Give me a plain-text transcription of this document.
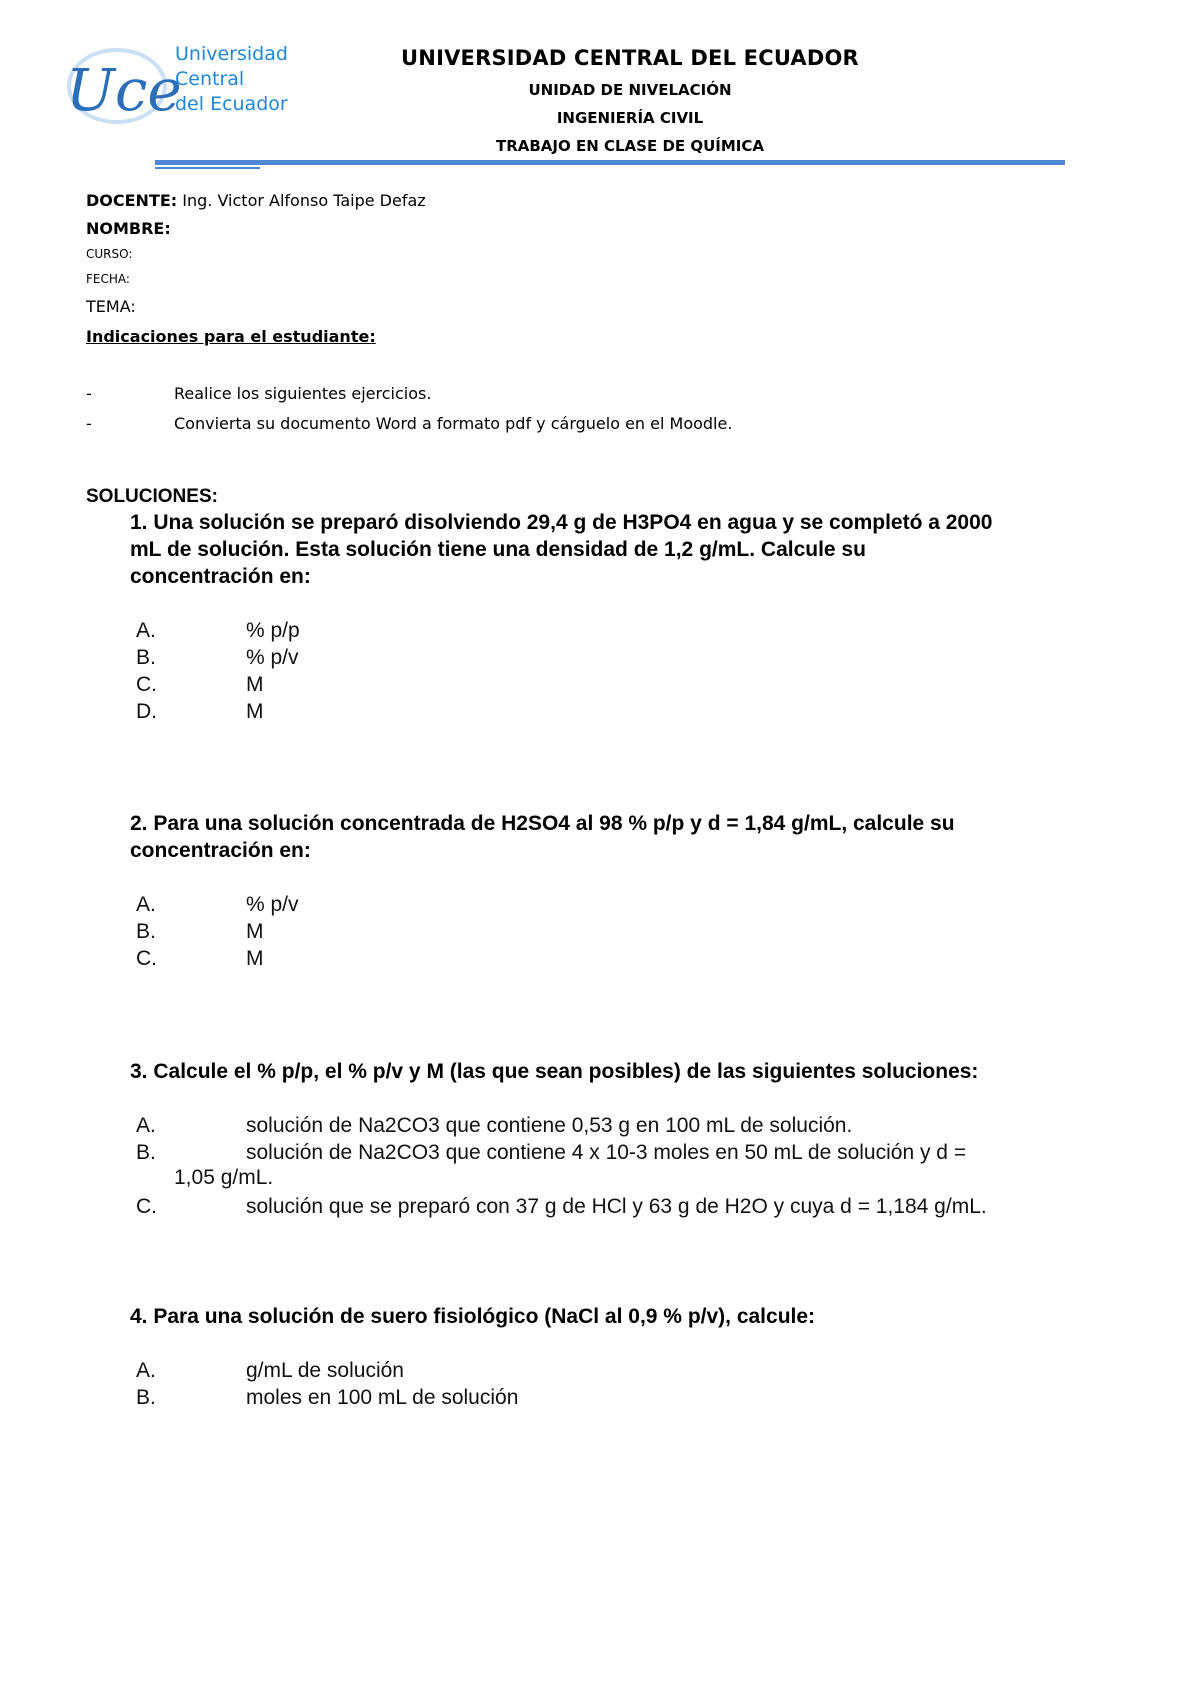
Uce
Universidad
Central
del Ecuador
UNIVERSIDAD CENTRAL DEL ECUADOR
UNIDAD DE NIVELACIÓN
INGENIERÍA CIVIL
TRABAJO EN CLASE DE QUÍMICA
DOCENTE: Ing. Victor Alfonso Taipe Defaz
NOMBRE:
CURSO:
FECHA:
TEMA:
Indicaciones para el estudiante:
-	Realice los siguientes ejercicios.
-	Convierta su documento Word a formato pdf y cárguelo en el Moodle.
SOLUCIONES:
1. Una solución se preparó disolviendo 29,4 g de H3PO4 en agua y se completó a 2000
mL de solución. Esta solución tiene una densidad de 1,2 g/mL. Calcule su
concentración en:
A.	% p/p
B.	% p/v
C.	M
D.	M
2. Para una solución concentrada de H2SO4 al 98 % p/p y d = 1,84 g/mL, calcule su
concentración en:
A.	% p/v
B.	M
C.	M
3. Calcule el % p/p, el % p/v y M (las que sean posibles) de las siguientes soluciones:
A.	solución de Na2CO3 que contiene 0,53 g en 100 mL de solución.
B.	solución de Na2CO3 que contiene 4 x 10-3 moles en 50 mL de solución y d =
1,05 g/mL.
C.	solución que se preparó con 37 g de HCl y 63 g de H2O y cuya d = 1,184 g/mL.
4. Para una solución de suero fisiológico (NaCl al 0,9 % p/v), calcule:
A.	g/mL de solución
B.	moles en 100 mL de solución
